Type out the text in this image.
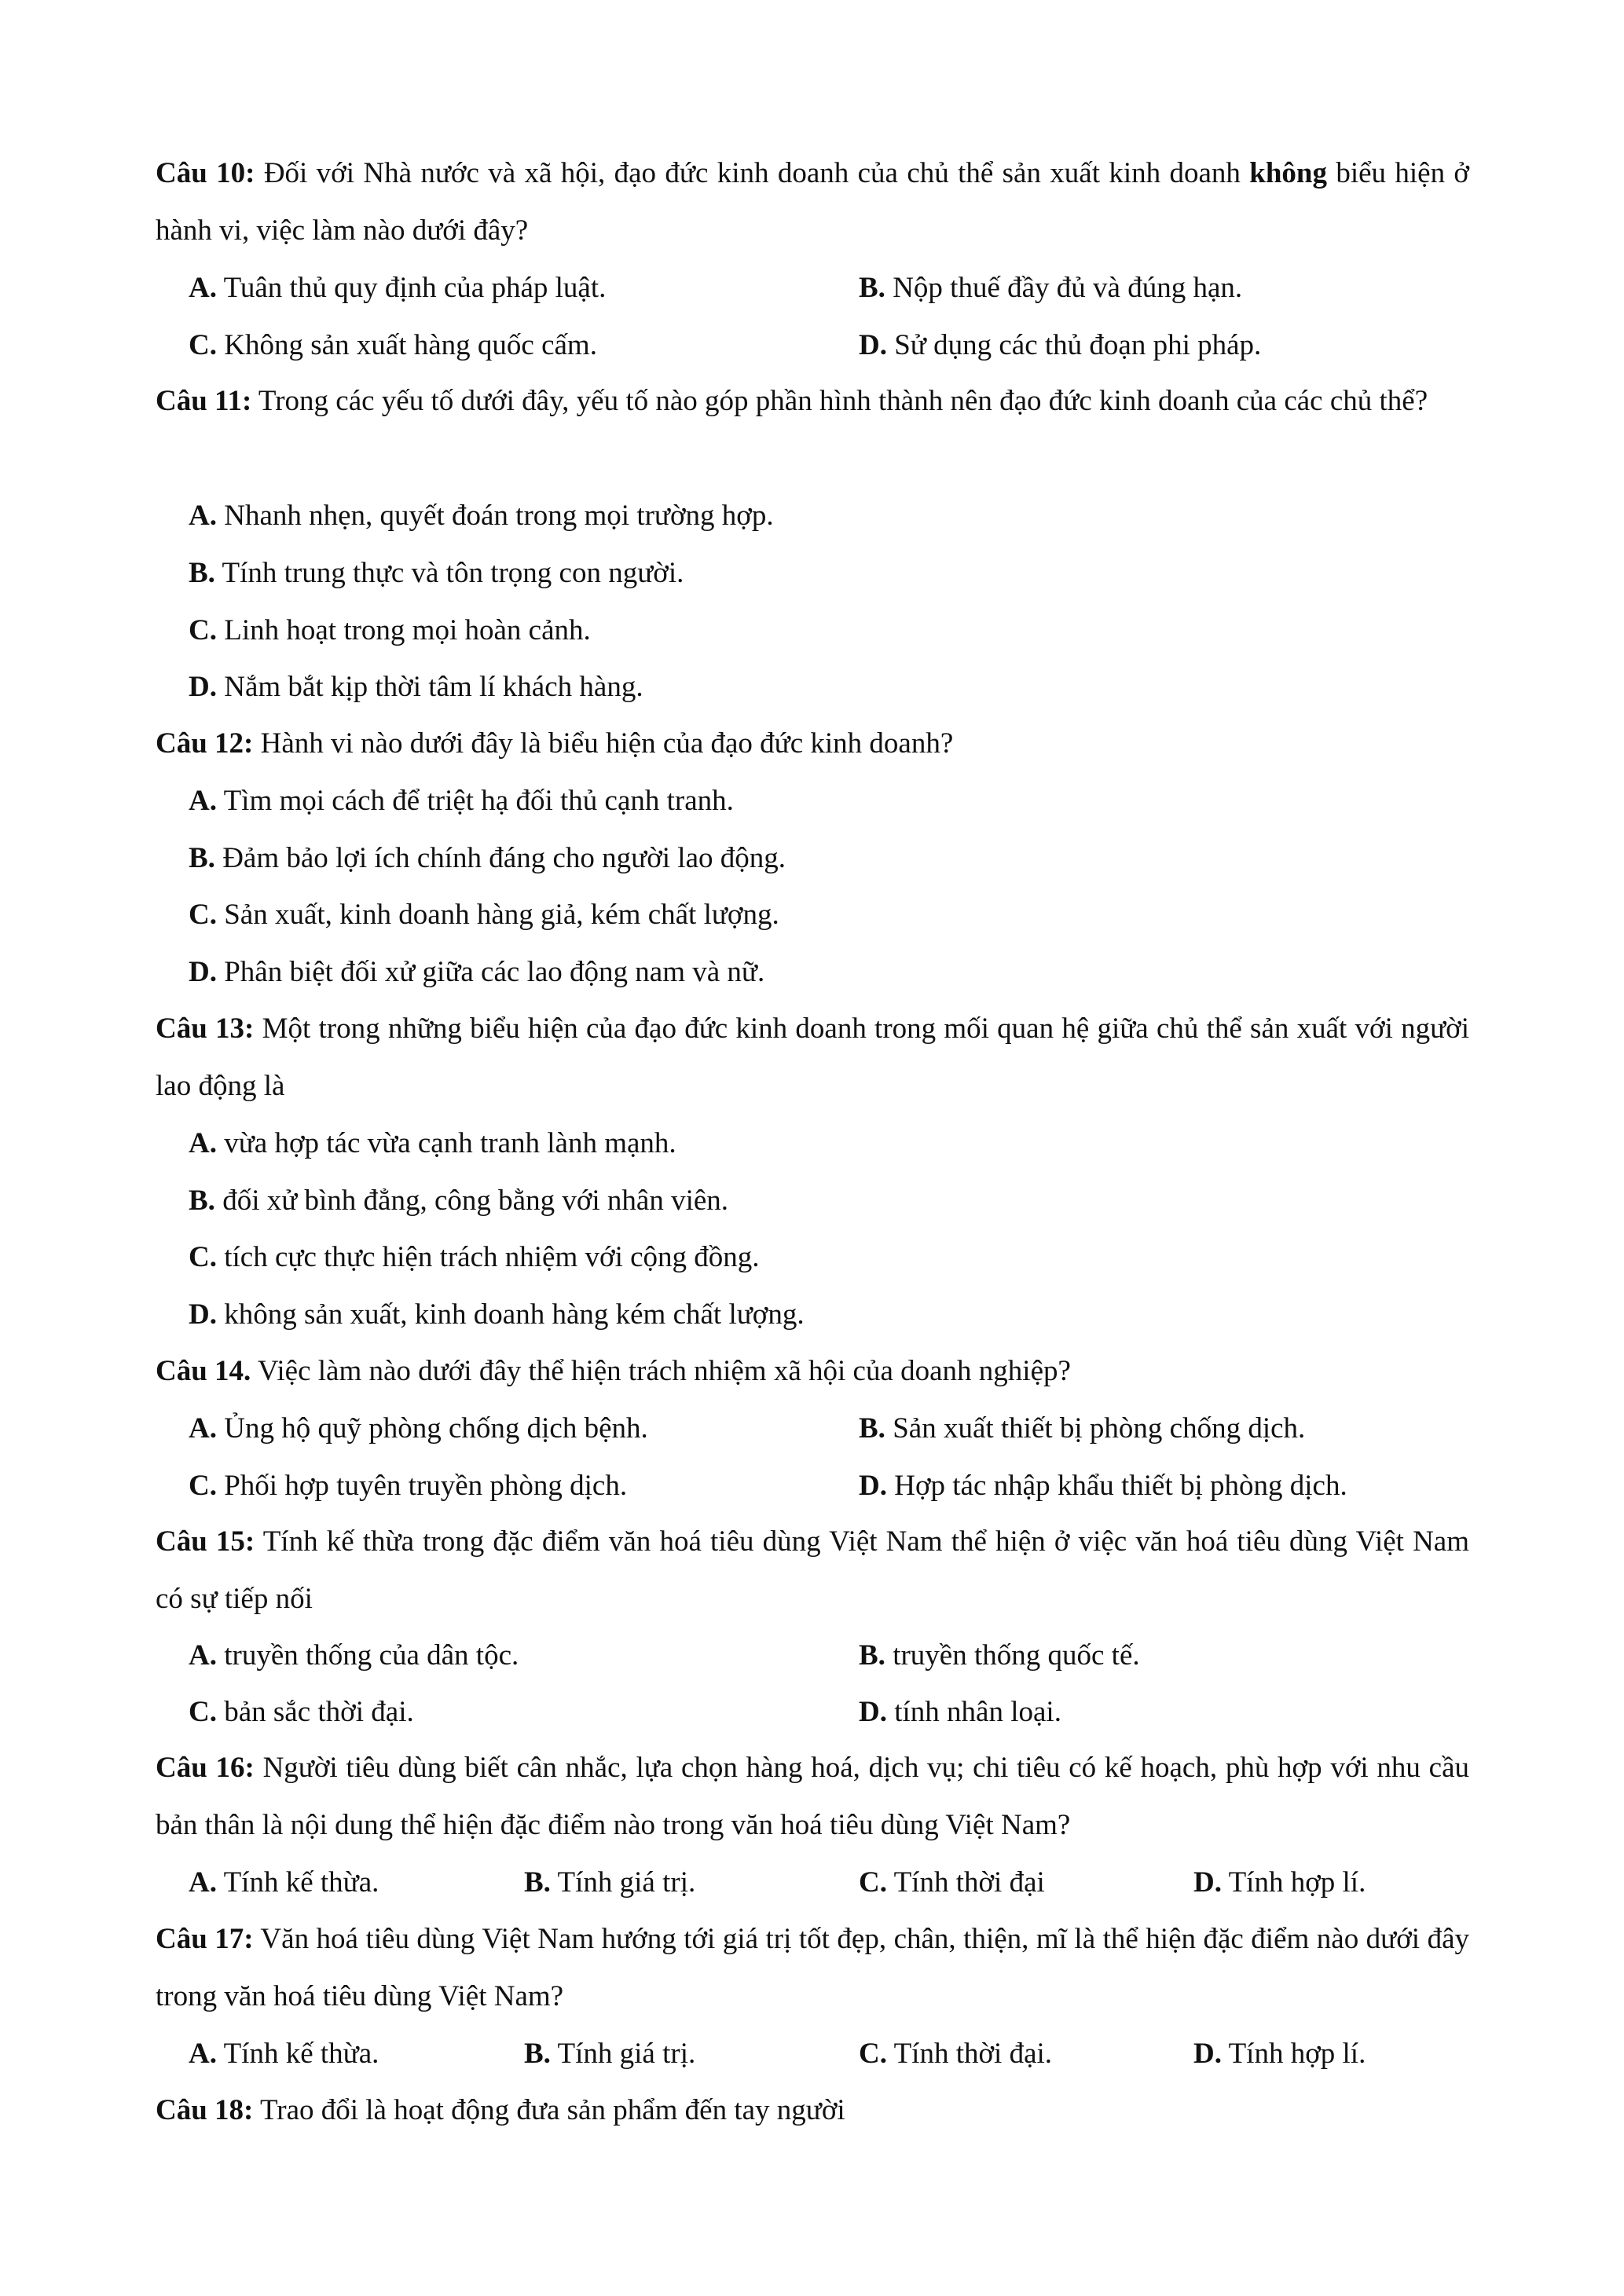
Câu 10: Đối với Nhà nước và xã hội, đạo đức kinh doanh của chủ thể sản xuất kinh doanh không biểu hiện ở hành vi, việc làm nào dưới đây?
A. Tuân thủ quy định của pháp luật.	B. Nộp thuế đầy đủ và đúng hạn.
C. Không sản xuất hàng quốc cấm.	D. Sử dụng các thủ đoạn phi pháp.
Câu 11: Trong các yếu tố dưới đây, yếu tố nào góp phần hình thành nên đạo đức kinh doanh của các chủ thể?
A. Nhanh nhẹn, quyết đoán trong mọi trường hợp.
B. Tính trung thực và tôn trọng con người.
C. Linh hoạt trong mọi hoàn cảnh.
D. Nắm bắt kịp thời tâm lí khách hàng.
Câu 12: Hành vi nào dưới đây là biểu hiện của đạo đức kinh doanh?
A. Tìm mọi cách để triệt hạ đối thủ cạnh tranh.
B. Đảm bảo lợi ích chính đáng cho người lao động.
C. Sản xuất, kinh doanh hàng giả, kém chất lượng.
D. Phân biệt đối xử giữa các lao động nam và nữ.
Câu 13: Một trong những biểu hiện của đạo đức kinh doanh trong mối quan hệ giữa chủ thể sản xuất với người lao động là
A. vừa hợp tác vừa cạnh tranh lành mạnh.
B. đối xử bình đẳng, công bằng với nhân viên.
C. tích cực thực hiện trách nhiệm với cộng đồng.
D. không sản xuất, kinh doanh hàng kém chất lượng.
Câu 14. Việc làm nào dưới đây thể hiện trách nhiệm xã hội của doanh nghiệp?
A. Ủng hộ quỹ phòng chống dịch bệnh.	B. Sản xuất thiết bị phòng chống dịch.
C. Phối hợp tuyên truyền phòng dịch.	D. Hợp tác nhập khẩu thiết bị phòng dịch.
Câu 15: Tính kế thừa trong đặc điểm văn hoá tiêu dùng Việt Nam thể hiện ở việc văn hoá tiêu dùng Việt Nam có sự tiếp nối
A. truyền thống của dân tộc.	B. truyền thống quốc tế.
C. bản sắc thời đại.	D. tính nhân loại.
Câu 16: Người tiêu dùng biết cân nhắc, lựa chọn hàng hoá, dịch vụ; chi tiêu có kế hoạch, phù hợp với nhu cầu bản thân là nội dung thể hiện đặc điểm nào trong văn hoá tiêu dùng Việt Nam?
A. Tính kế thừa.	B. Tính giá trị.	C. Tính thời đại	D. Tính hợp lí.
Câu 17: Văn hoá tiêu dùng Việt Nam hướng tới giá trị tốt đẹp, chân, thiện, mĩ là thể hiện đặc điểm nào dưới đây trong văn hoá tiêu dùng Việt Nam?
A. Tính kế thừa.	B. Tính giá trị.	C. Tính thời đại.	D. Tính hợp lí.
Câu 18: Trao đổi là hoạt động đưa sản phẩm đến tay người
